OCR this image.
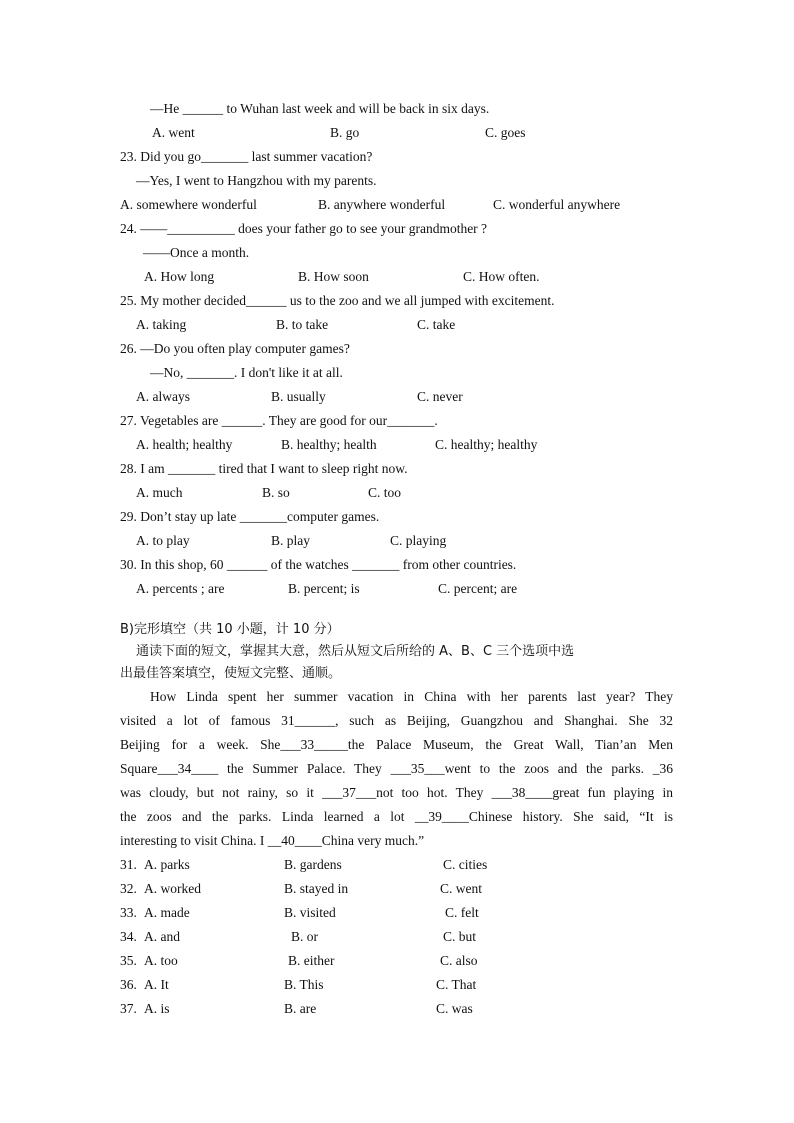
—He ______ to Wuhan last week and will be back in six days.
A. went	B. go	C. goes
23. Did you go_______ last summer vacation?
—Yes, I went to Hangzhou with my parents.
A. somewhere wonderful	B. anywhere wonderful	C. wonderful anywhere
24. ——__________ does your father go to see your grandmother ?
——Once a month.
A. How long	B. How soon	C. How often.
25. My mother decided______ us to the zoo and we all jumped with excitement.
A. taking	B. to take	C. take
26. —Do you often play computer games?
—No, _______. I don't like it at all.
A. always	B. usually	C. never
27. Vegetables are ______. They are good for our_______.
A. health; healthy	B. healthy; health	C. healthy; healthy
28. I am _______ tired that I want to sleep right now.
A. much	B. so	C. too
29. Don’t stay up late _______computer games.
A. to play	B. play	C. playing
30. In this shop, 60 ______ of the watches _______ from other countries.
A. percents ; are	B. percent; is	C. percent; are
B)完形填空（共 10 小题，计 10 分）
通读下面的短文，掌握其大意，然后从短文后所给的 A、B、C 三个选项中选
出最佳答案填空，使短文完整、通顺。
How Linda spent her summer vacation in China with her parents last year? They
visited a lot of famous 31______, such as Beijing, Guangzhou and Shanghai. She 32
Beijing for a week. She___33_____the Palace Museum, the Great Wall, Tian’an Men
Square___34____ the Summer Palace. They ___35___went to the zoos and the parks. _36
was cloudy, but not rainy, so it ___37___not too hot. They ___38____great fun playing in
the zoos and the parks. Linda learned a lot __39____Chinese history. She said, “It is
interesting to visit China. I __40____China very much.”
31. A. parks	B. gardens	C. cities
32. A. worked	B. stayed in	C. went
33. A. made	B. visited	C. felt
34. A. and	B. or	C. but
35. A. too	B. either	C. also
36. A. It	B. This	C. That
37. A. is	B. are	C. was
